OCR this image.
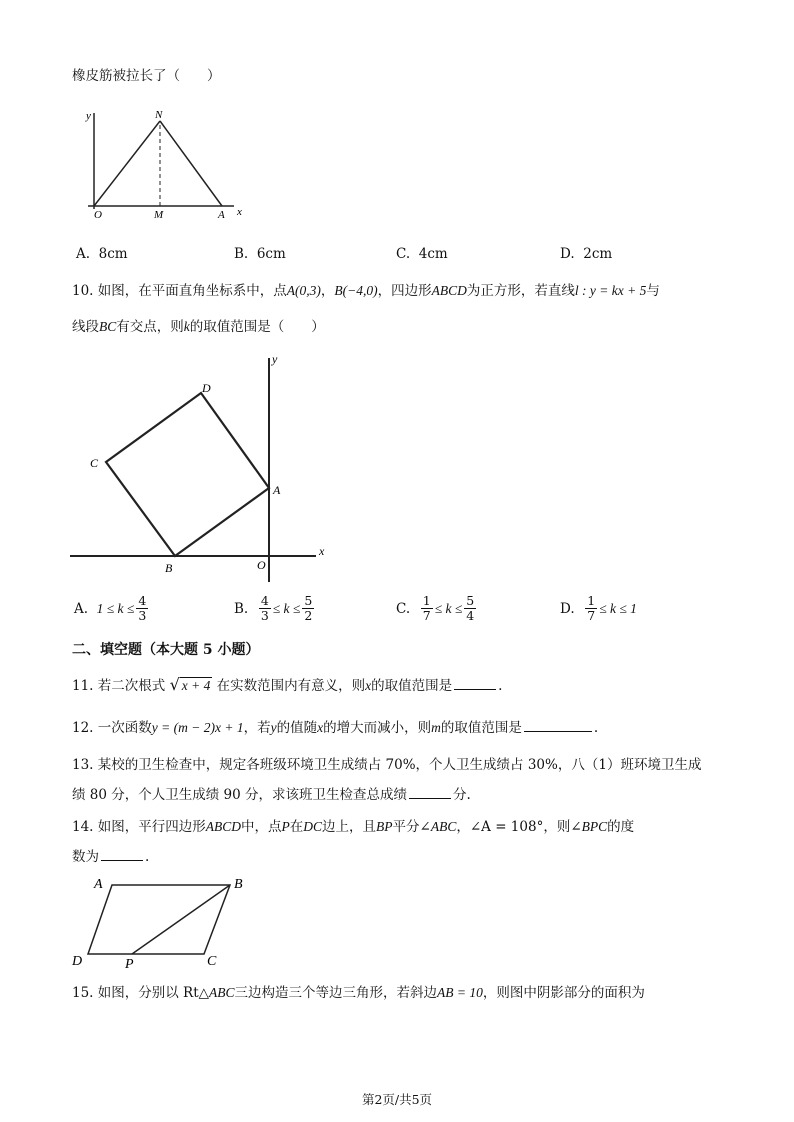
橡皮筋被拉长了（　　）
y	N
O	M	A x
A. 8cm	B. 6cm	C. 4cm	D. 2cm
10. 如图，在平面直角坐标系中，点A(0,3)，B(−4,0)，四边形ABCD为正方形，若直线l : y = kx + 5与
线段BC有交点，则k的取值范围是（　　）
y
D
C
A
B	O
x
A.
$1 \le k \le \frac{4}{3}$	B.
$\frac{4}{3} \le k \le \frac{5}{2}$	C.
$\frac{1}{7} \le k \le \frac{5}{4}$	D.
$\frac{1}{7} \le k \le 1$
二、填空题（本大题 5 小题）
11. 若二次根式 √ x + 4 在实数范围内有意义，则x的取值范围是	.
12. 一次函数y = (m − 2)x + 1，若y的值随x的增大而减小，则m的取值范围是	.
13. 某校的卫生检查中，规定各班级环境卫生成绩占 70%，个人卫生成绩占 30%，八（1）班环境卫生成
绩 80 分，个人卫生成绩 90 分，求该班卫生检查总成绩	分.
14. 如图，平行四边形ABCD中，点P在DC边上，且BP平分∠ABC，∠A = 108°，则∠BPC的度
数为	.
A	B
D	P	C
15. 如图，分别以 Rt△ABC三边构造三个等边三角形，若斜边AB = 10，则图中阴影部分的面积为
第2页/共5页
